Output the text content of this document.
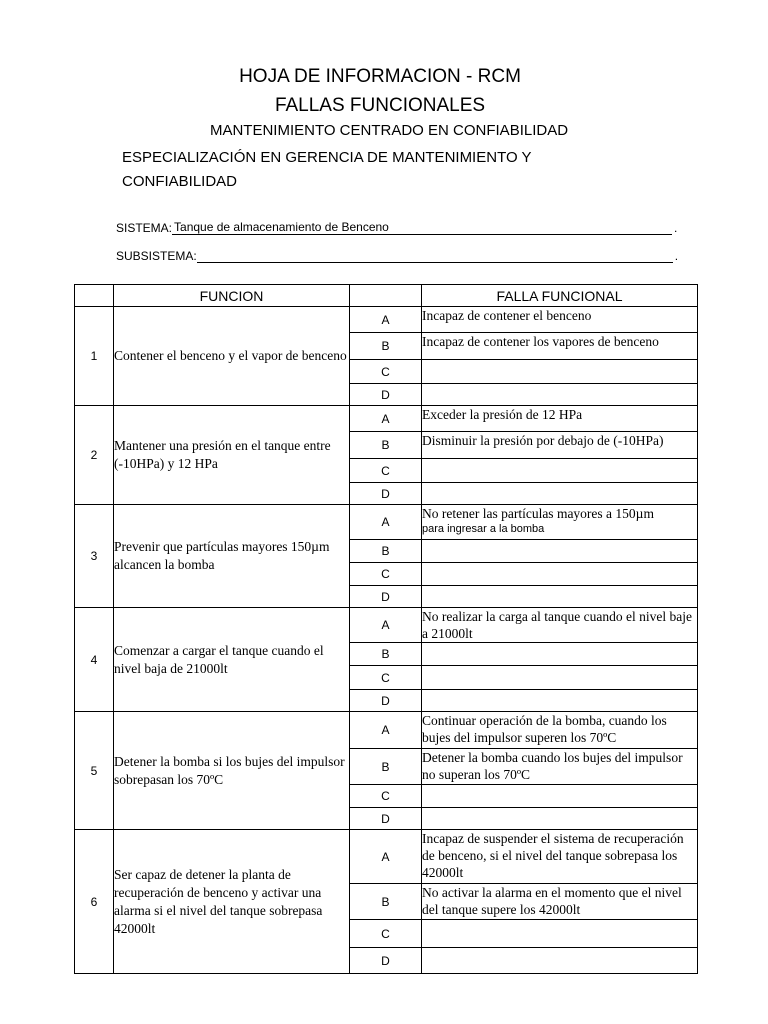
HOJA DE INFORMACION - RCM
FALLAS FUNCIONALES
MANTENIMIENTO CENTRADO EN CONFIABILIDAD
ESPECIALIZACIÓN EN GERENCIA DE MANTENIMIENTO Y CONFIABILIDAD
SISTEMA: Tanque de almacenamiento de Benceno	.
SUBSISTEMA:	.
	FUNCION		FALLA FUNCIONAL
1	Contener el benceno y el vapor de benceno	A	Incapaz de contener el benceno

		B	Incapaz de contener los vapores de benceno

		C	

		D	

2	Mantener una presión en el tanque entre (-10HPa) y 12 HPa	A	Exceder la presión de 12 HPa

		B	Disminuir la presión por debajo de (-10HPa)

		C	

		D	

3	Prevenir que partículas mayores 150µm alcancen la bomba	A	No retener las partículas mayores a 150µm
para ingresar a la bomba

		B	

		C	

		D	

4	Comenzar a cargar el tanque cuando el nivel baja de 21000lt	A	No realizar la carga al tanque cuando el nivel baje a 21000lt

		B	

		C	

		D	

5	Detener la bomba si los bujes del impulsor sobrepasan los 70ºC	A	Continuar operación de la bomba, cuando los bujes del impulsor superen los 70ºC

		B	Detener la bomba cuando los bujes del impulsor no superan los 70ºC

		C	

		D	

6	Ser capaz de detener la planta de recuperación de benceno y activar una alarma si el nivel del tanque sobrepasa 42000lt	A	Incapaz de suspender el sistema de recuperación de benceno, si el nivel del tanque sobrepasa los 42000lt

		B	No activar la alarma en el momento que el nivel del tanque supere los 42000lt

		C	

		D	
